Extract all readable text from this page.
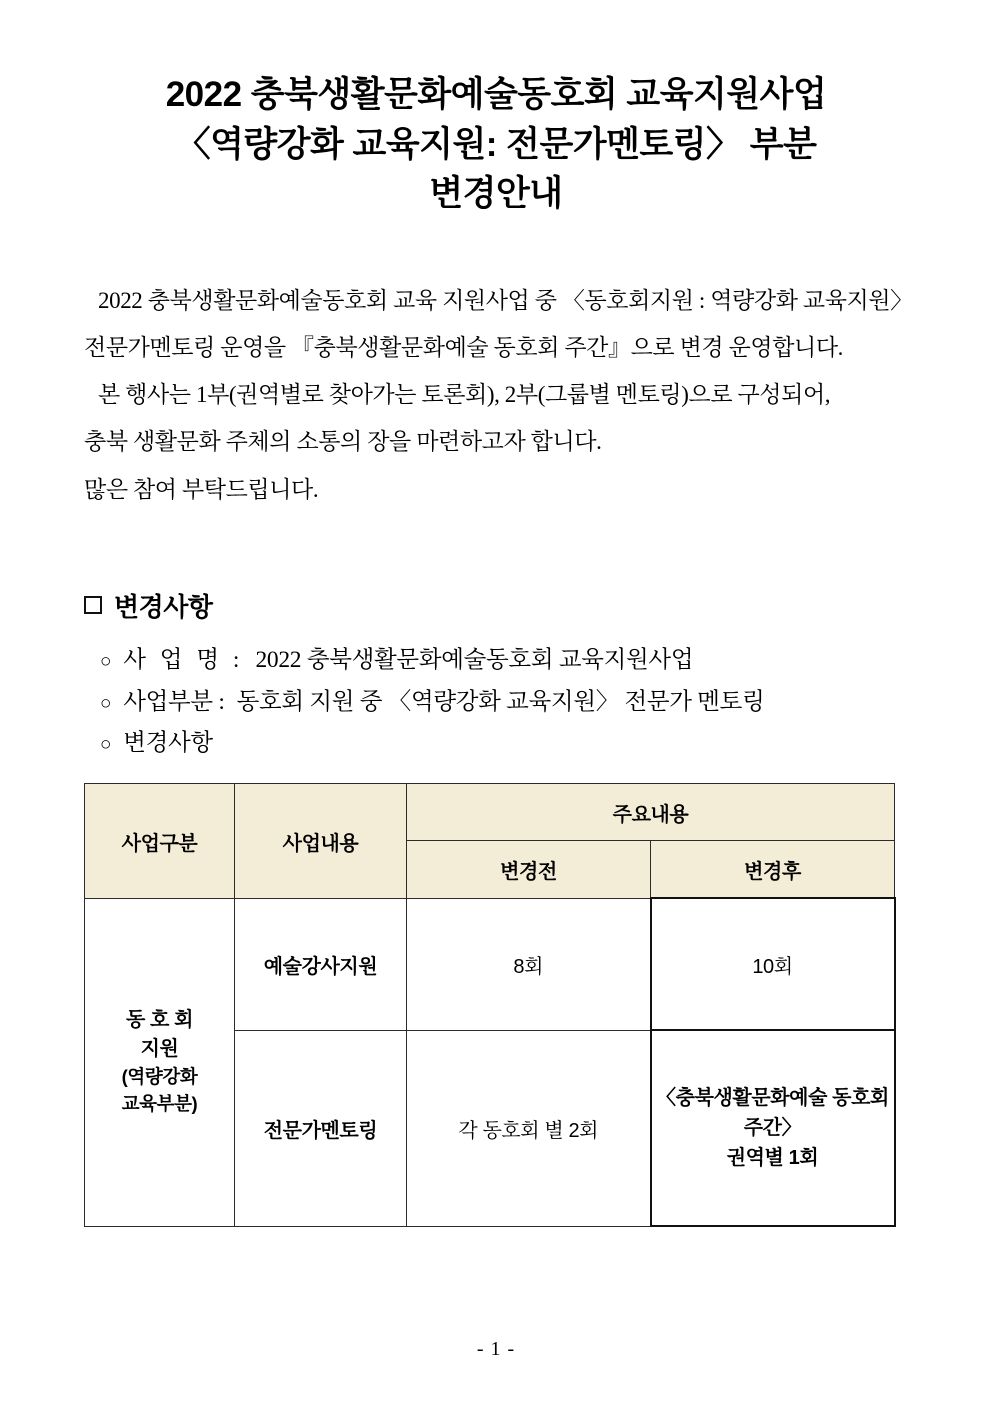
2022 충북생활문화예술동호회 교육지원사업
〈역량강화 교육지원: 전문가멘토링〉 부분
변경안내

2022 충북생활문화예술동호회 교육 지원사업 중 〈동호회지원 : 역량강화 교육지원〉

전문가멘토링 운영을 『충북생활문화예술 동호회 주간』으로 변경 운영합니다.

본 행사는 1부(권역별로 찾아가는 토론회), 2부(그룹별 멘토링)으로 구성되어,

충북 생활문화 주체의 소통의 장을 마련하고자 합니다.

많은 참여 부탁드립니다.

변경사항
○ 사 업 명 : 2022 충북생활문화예술동호회 교육지원사업
○ 사업부분 : 동호회 지원 중 〈역량강화 교육지원〉 전문가 멘토링
○ 변경사항
사업구분	사업내용	주요내용	
		변경전	변경후

동 호 회
지원
(역량강화
교육부분)	예술강사지원	8회	10회
	전문가멘토링	각 동호회 별 2회	〈충북생활문화예술 동호회주간〉
권역별 1회
- 1 -
